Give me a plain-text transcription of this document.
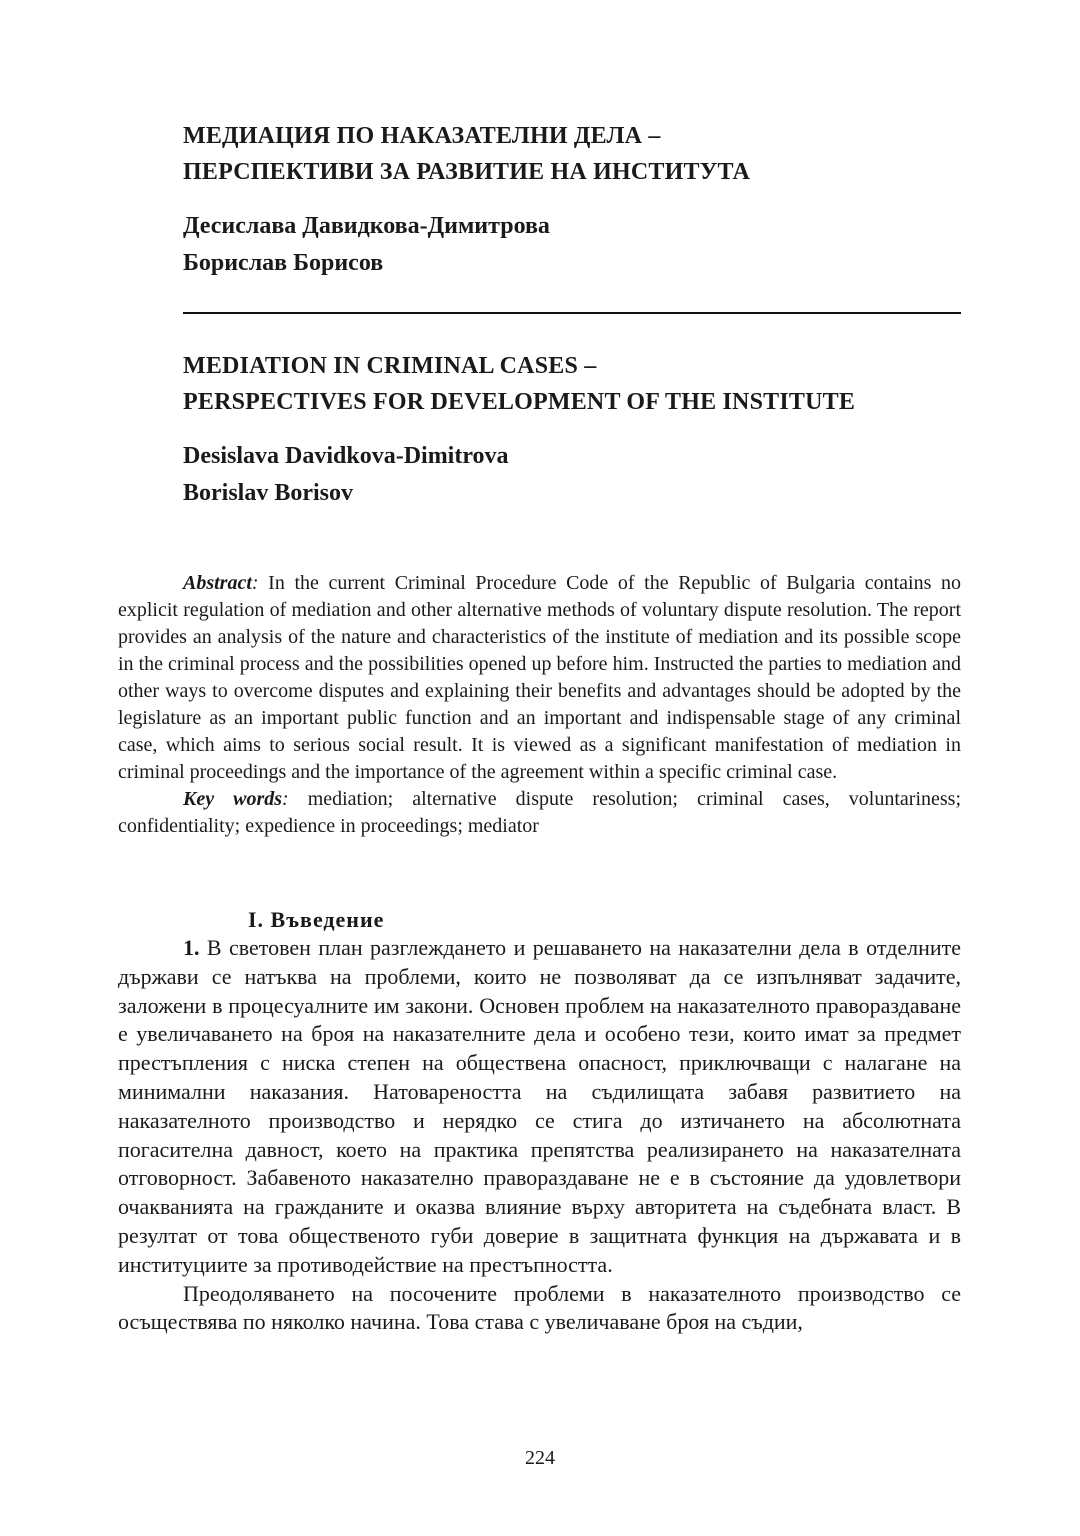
МЕДИАЦИЯ ПО НАКАЗАТЕЛНИ ДЕЛА –

ПЕРСПЕКТИВИ ЗА РАЗВИТИЕ НА ИНСТИТУТА

Десислава Давидкова-Димитрова

Борислав Борисов

MEDIATION IN CRIMINAL CASES –

PERSPECTIVES FOR DEVELOPMENT OF THE INSTITUTE

Desislava Davidkova-Dimitrova

Borislav Borisov

Abstract: In the current Criminal Procedure Code of the Republic of Bulgaria contains no explicit regulation of mediation and other alternative methods of voluntary dispute resolution. The report provides an analysis of the nature and characteristics of the institute of mediation and its possible scope in the criminal process and the possibilities opened up before him. Instructed the parties to mediation and other ways to overcome disputes and explaining their benefits and advantages should be adopted by the legislature as an important public function and an important and indispensable stage of any criminal case, which aims to serious social result. It is viewed as a significant manifestation of mediation in criminal proceedings and the importance of the agreement within a specific criminal case.

Key words: mediation; alternative dispute resolution; criminal cases, voluntariness; confidentiality; expedience in proceedings; mediator

I. Въведение

1. В световен план разглеждането и решаването на наказателни дела в отделните държави се натъква на проблеми, които не позволяват да се изпълняват задачите, заложени в процесуалните им закони. Основен проблем на наказателното правораздаване е увеличаването на броя на наказателните дела и особено тези, които имат за предмет престъпления с ниска степен на обществена опасност, приключващи с налагане на минимални наказания. Натовареността на съдилищата забавя развитието на наказателното производство и нерядко се стига до изтичането на абсолютната погасителна давност, което на практика препятства реализирането на наказателната отговорност. Забавеното наказателно правораздаване не е в състояние да удовлетвори очакванията на гражданите и оказва влияние върху авторитета на съдебната власт. В резултат от това общественото губи доверие в защитната функция на държавата и в институциите за противодействие на престъпността.

Преодоляването на посочените проблеми в наказателното производство се осъществява по няколко начина. Това става с увеличаване броя на съдии,

224
